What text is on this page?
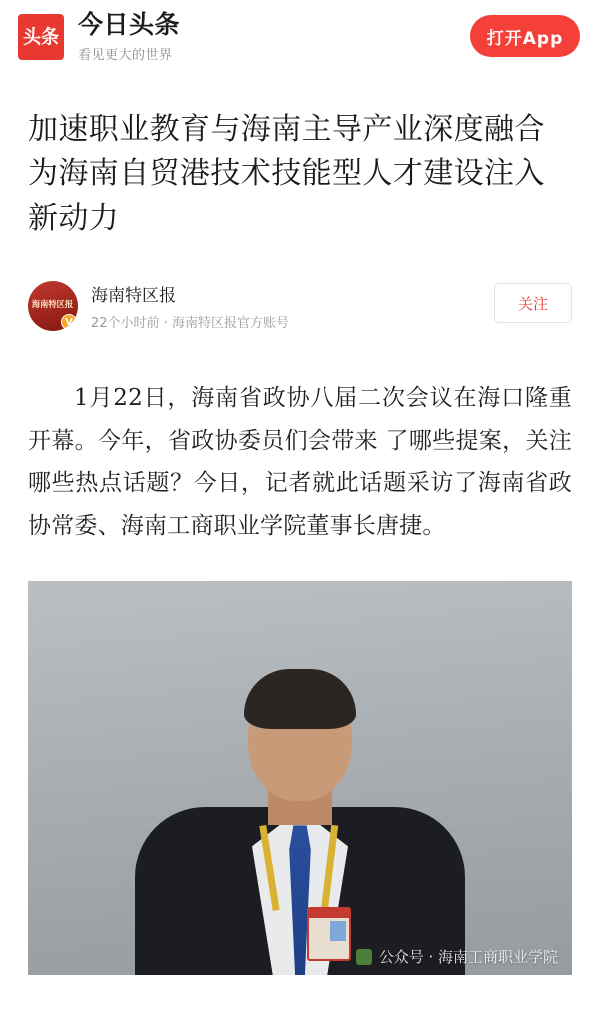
头条 今日头条
看见更大的世界
打开App
加速职业教育与海南主导产业深度融合 为海南自贸港技术技能型人才建设注入新动力
海南特区报
V
海南特区报
22个小时前 · 海南特区报官方账号
关注
1月22日，海南省政协八届二次会议在海口隆重开幕。今年，省政协委员们会带来 了哪些提案，关注哪些热点话题？今日，记者就此话题采访了海南省政协常委、海南工商职业学院董事长唐捷。
公众号 · 海南工商职业学院
